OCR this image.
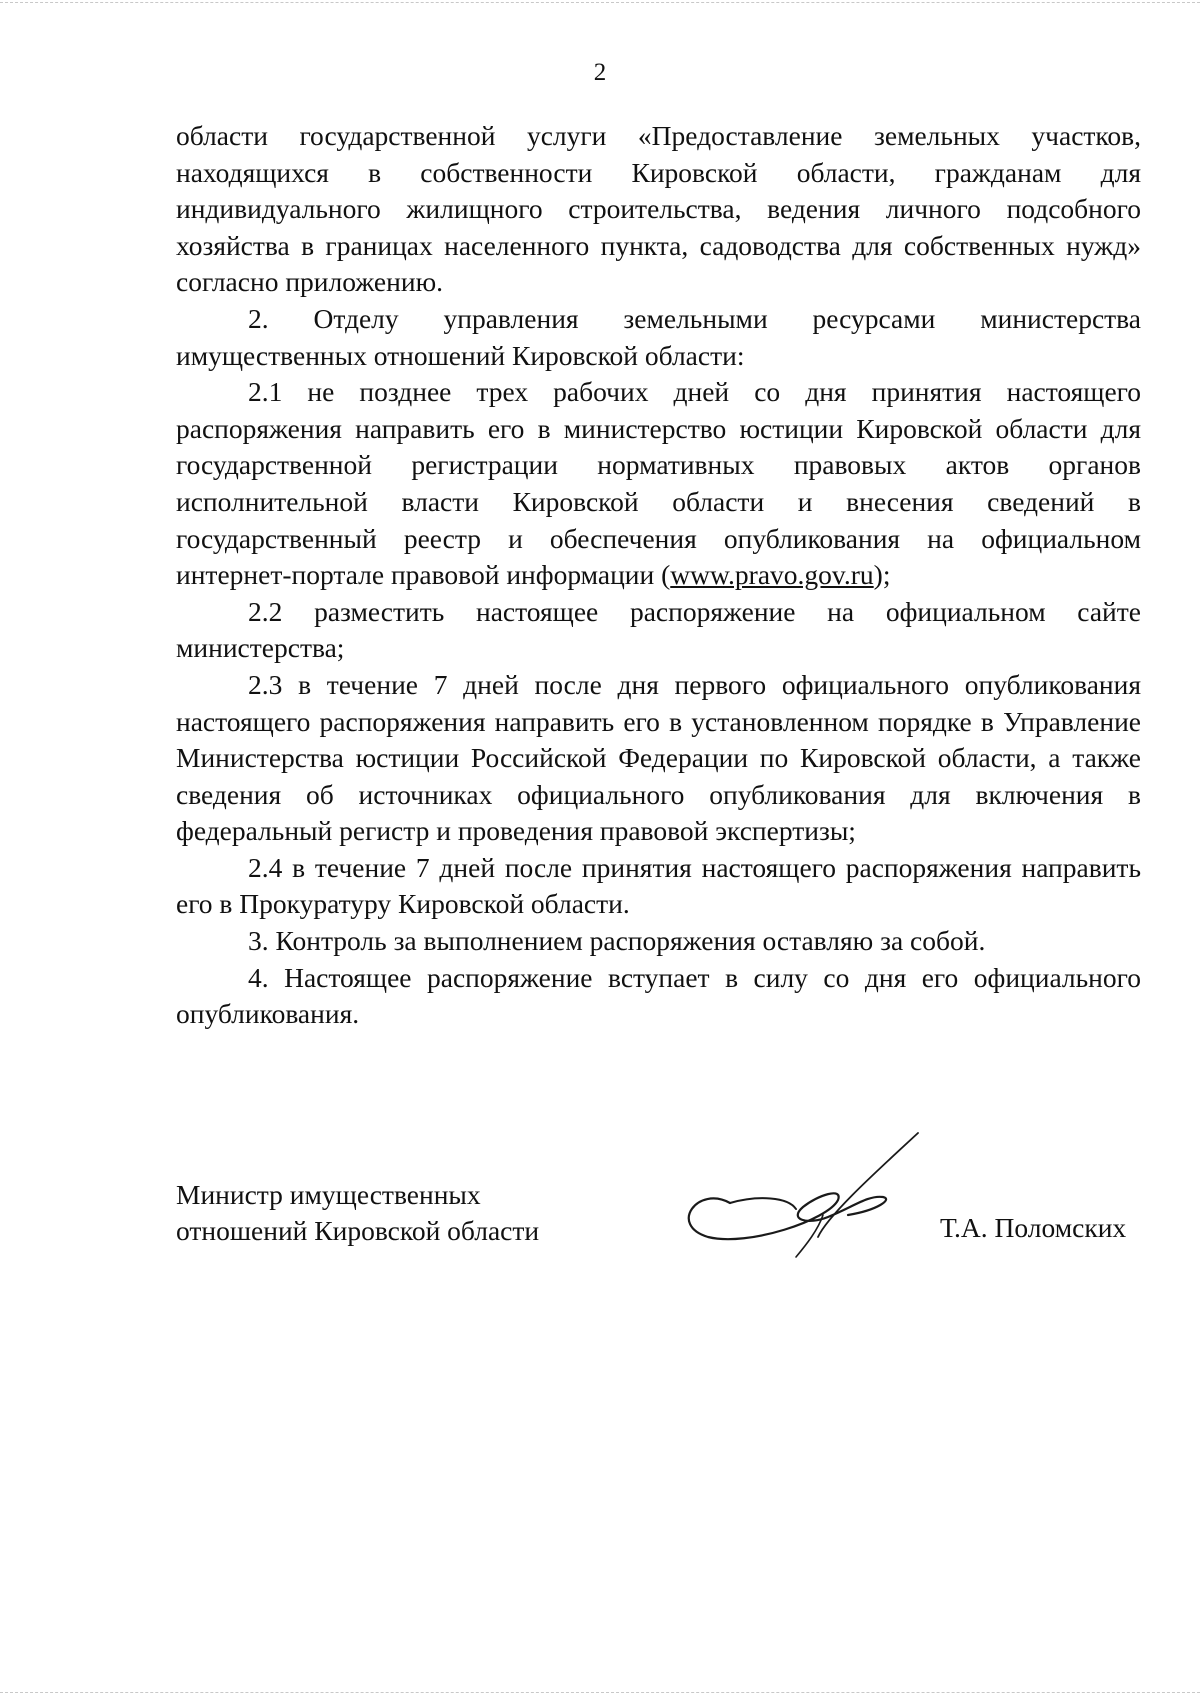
2

области государственной услуги «Предоставление земельных участков, находящихся в собственности Кировской области, гражданам для индивидуального жилищного строительства, ведения личного подсобного хозяйства в границах населенного пункта, садоводства для собственных нужд» согласно приложению.

2. Отделу управления земельными ресурсами министерства имущественных отношений Кировской области:

2.1 не позднее трех рабочих дней со дня принятия настоящего распоряжения направить его в министерство юстиции Кировской области для государственной регистрации нормативных правовых актов органов исполнительной власти Кировской области и внесения сведений в государственный реестр и обеспечения опубликования на официальном интернет-портале правовой информации (www.pravo.gov.ru);

2.2 разместить настоящее распоряжение на официальном сайте министерства;

2.3 в течение 7 дней после дня первого официального опубликования настоящего распоряжения направить его в установленном порядке в Управление Министерства юстиции Российской Федерации по Кировской области, а также сведения об источниках официального опубликования для включения в федеральный регистр и проведения правовой экспертизы;

2.4 в течение 7 дней после принятия настоящего распоряжения направить его в Прокуратуру Кировской области.

3. Контроль за выполнением распоряжения оставляю за собой.

4. Настоящее распоряжение вступает в силу со дня его официального опубликования.

Министр имущественных
отношений Кировской области	Т.А. Поломских
